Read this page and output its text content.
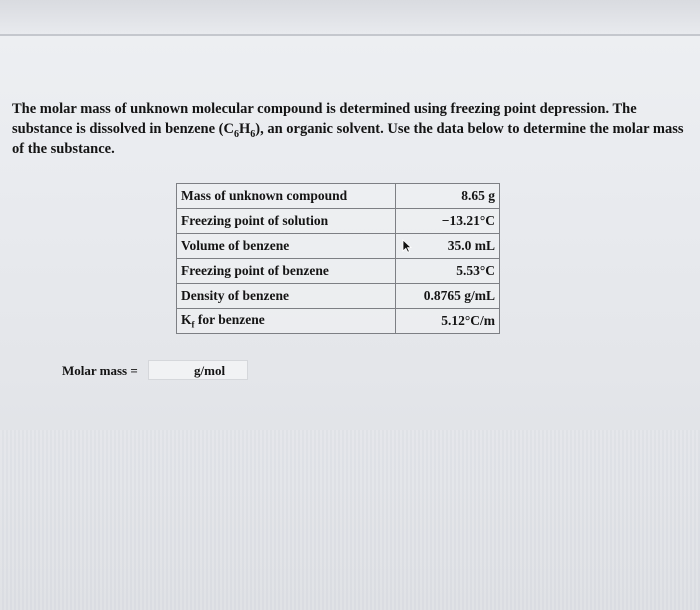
The molar mass of unknown molecular compound is determined using freezing point depression. The substance is dissolved in benzene $(C_6H_6)$, an organic solvent. Use the data below to determine the molar mass of the substance.

Mass of unknown compound	8.65 g
Freezing point of solution	−13.21°C
Volume of benzene	35.0 mL
Freezing point of benzene	5.53°C
Density of benzene	0.8765 g/mL
$K_f$ for benzene	5.12°C/m
Molar mass =	g/mol
